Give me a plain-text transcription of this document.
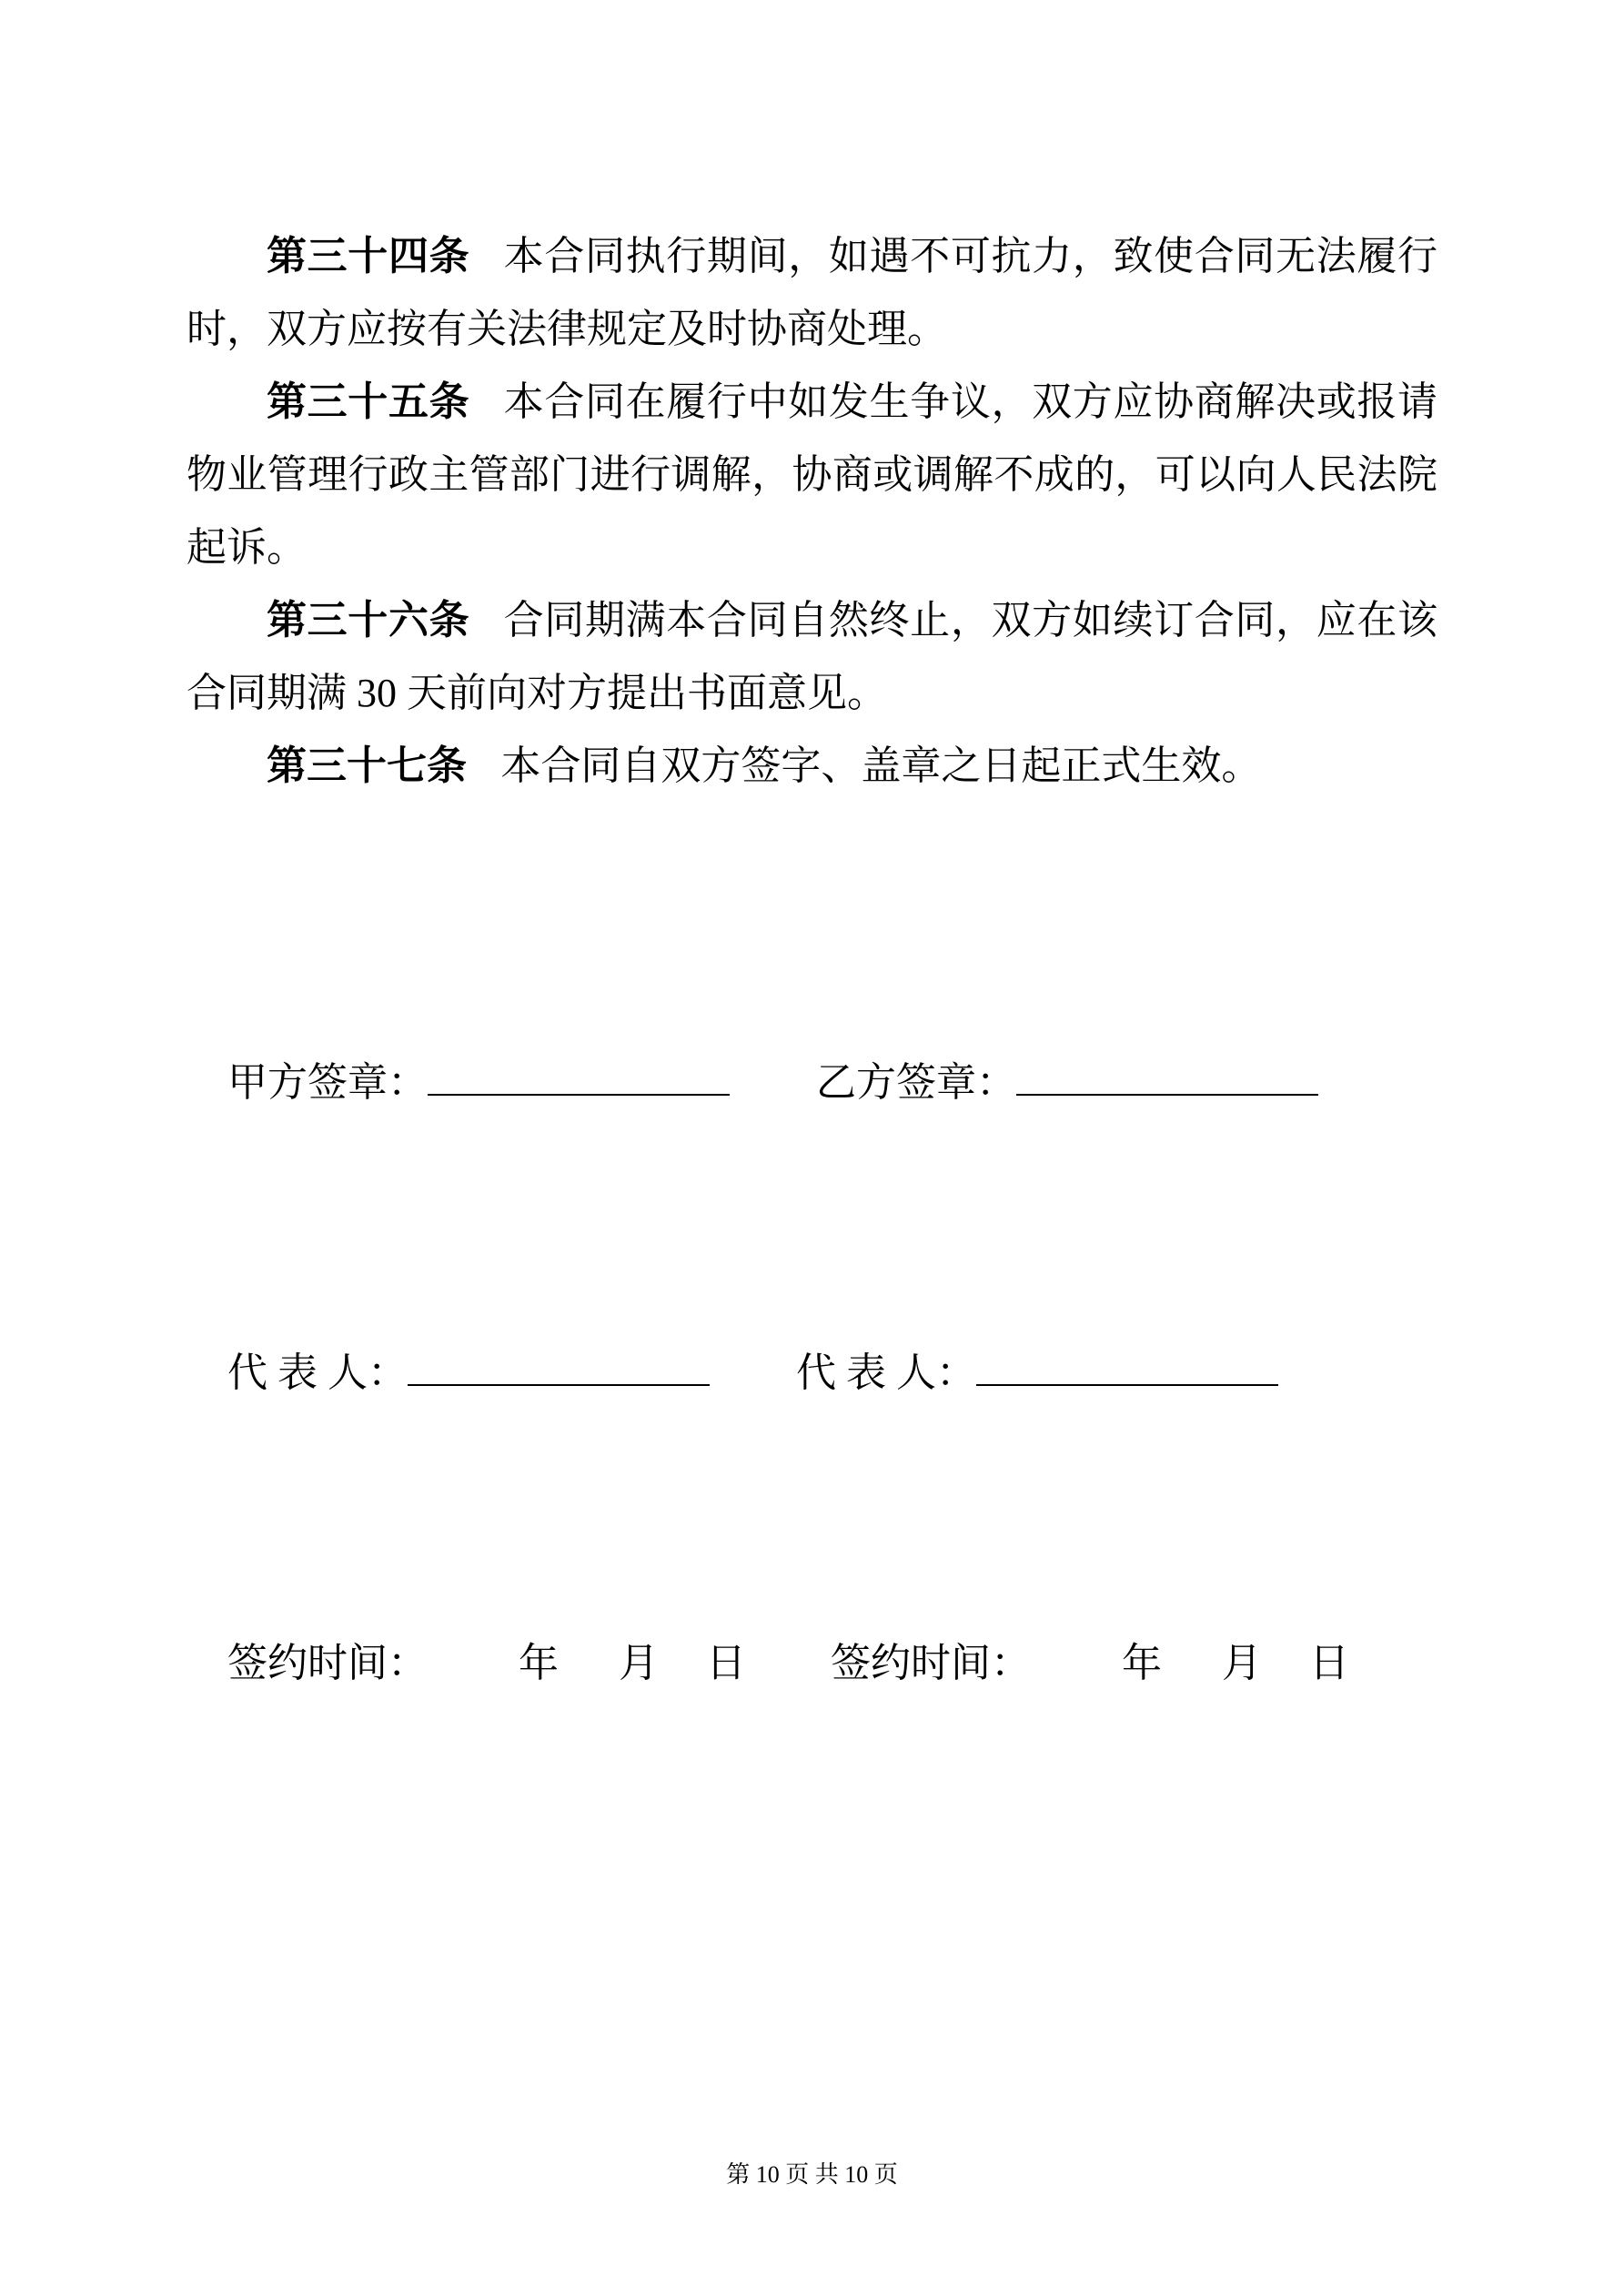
第三十四条 本合同执行期间，如遇不可抗力，致使合同无法履行时，双方应按有关法律规定及时协商处理。

第三十五条 本合同在履行中如发生争议，双方应协商解决或报请物业管理行政主管部门进行调解，协商或调解不成的，可以向人民法院起诉。

第三十六条 合同期满本合同自然终止，双方如续订合同，应在该合同期满 30 天前向对方提出书面意见。

第三十七条 本合同自双方签字、盖章之日起正式生效。

甲方签章：	乙方签章：
代 表 人：	代 表 人：
签约时间： 年 月 日 签约时间： 年 月 日
第 10 页 共 10 页
